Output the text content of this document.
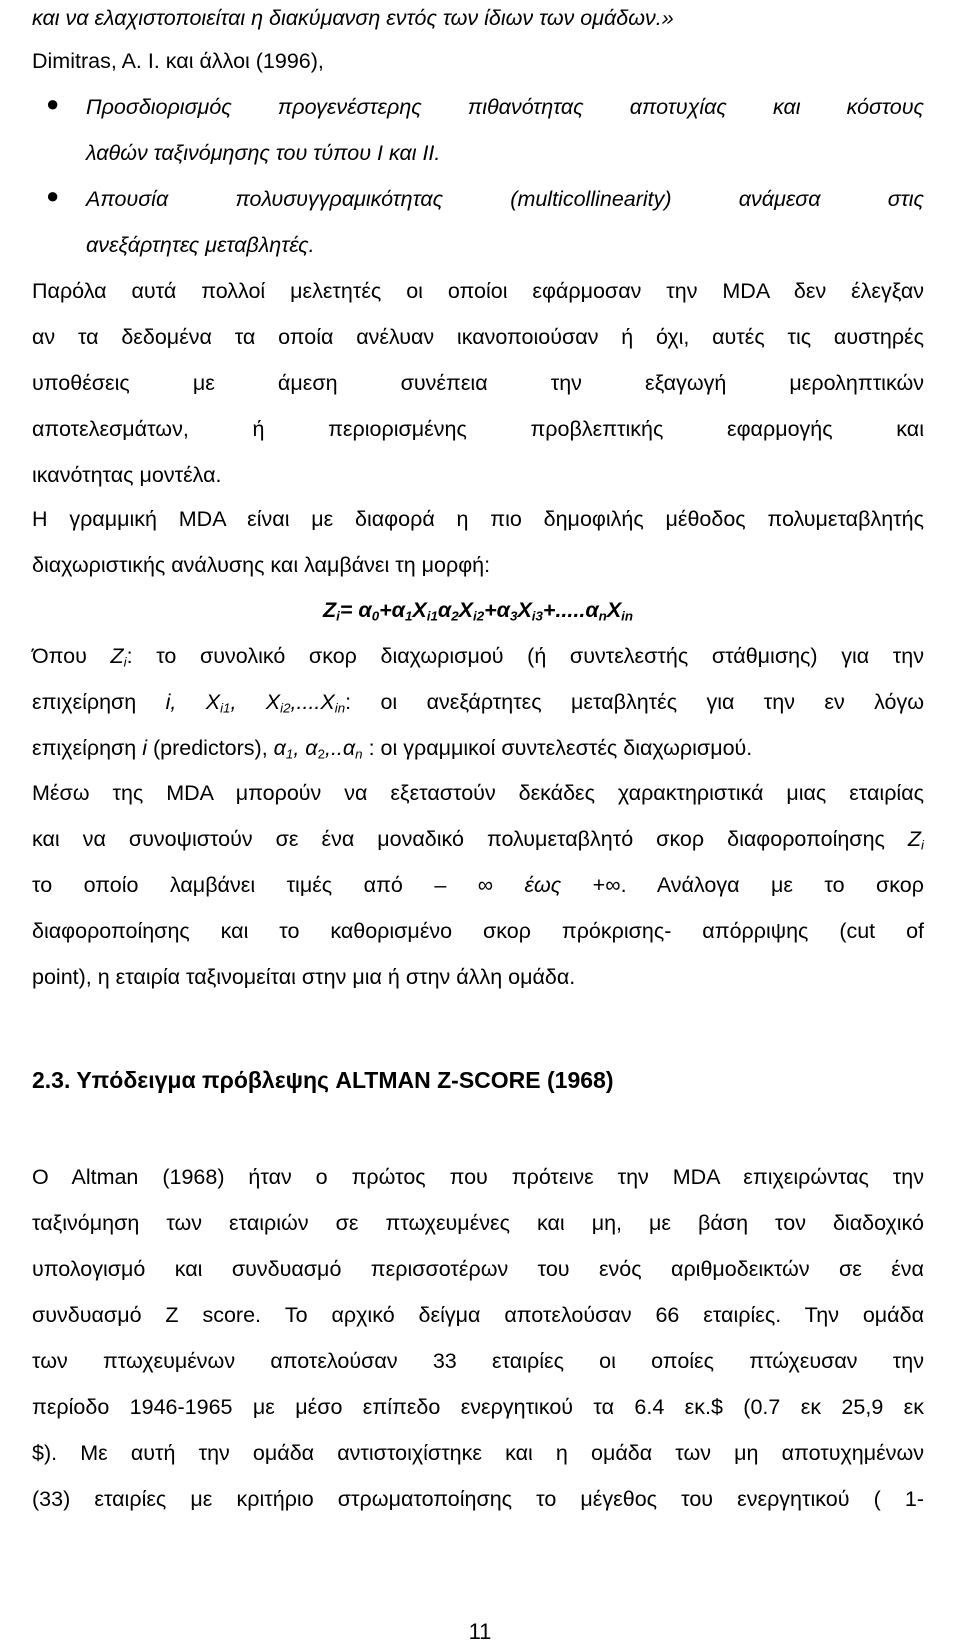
και να ελαχιστοποιείται η διακύμανση εντός των ίδιων των ομάδων.»
Dimitras, A. I. και άλλοι (1996),
● Προσδιορισμός προγενέστερης πιθανότητας αποτυχίας και κόστους
λαθών ταξινόμησης του τύπου I και II.
● Απουσία πολυσυγγραμικότητας (multicollinearity) ανάμεσα στις
ανεξάρτητες μεταβλητές.
Παρόλα αυτά πολλοί μελετητές οι οποίοι εφάρμοσαν την MDA δεν έλεγξαν
αν τα δεδομένα τα οποία ανέλυαν ικανοποιούσαν ή όχι, αυτές τις αυστηρές
υποθέσεις με άμεση συνέπεια την εξαγωγή μεροληπτικών
αποτελεσμάτων, ή περιορισμένης προβλεπτικής εφαρμογής και
ικανότητας μοντέλα.
Η γραμμική MDA είναι με διαφορά η πιο δημοφιλής μέθοδος πολυμεταβλητής
διαχωριστικής ανάλυσης και λαμβάνει τη μορφή:
$Z_i= \alpha_0+\alpha_1X_{i1}\alpha_2X_{i2}+\alpha_3X_{i3}+.....\alpha_nX_{in}$
Όπου $Z_i$: το συνολικό σκορ διαχωρισμού (ή συντελεστής στάθμισης) για την
επιχείρηση i, $X_{i1}$, $X_{i2},....X_{in}$: οι ανεξάρτητες μεταβλητές για την εν λόγω
επιχείρηση i (predictors), $\alpha_1$, $\alpha_2,..\alpha_n$ : οι γραμμικοί συντελεστές διαχωρισμού.
Μέσω της MDA μπορούν να εξεταστούν δεκάδες χαρακτηριστικά μιας εταιρίας
και να συνοψιστούν σε ένα μοναδικό πολυμεταβλητό σκορ διαφοροποίησης $Z_i$
το οποίο λαμβάνει τιμές από – ∞ έως +∞. Ανάλογα με το σκορ
διαφοροποίησης και το καθορισμένο σκορ πρόκρισης- απόρριψης (cut of
point), η εταιρία ταξινομείται στην μια ή στην άλλη ομάδα.
2.3. Υπόδειγμα πρόβλεψης ALTMAN Z-SCORE (1968)
O Altman (1968) ήταν ο πρώτος που πρότεινε την MDA επιχειρώντας την
ταξινόμηση των εταιριών σε πτωχευμένες και μη, με βάση τον διαδοχικό
υπολογισμό και συνδυασμό περισσοτέρων του ενός αριθμοδεικτών σε ένα
συνδυασμό Z score. Το αρχικό δείγμα αποτελούσαν 66 εταιρίες. Την ομάδα
των πτωχευμένων αποτελούσαν 33 εταιρίες οι οποίες πτώχευσαν την
περίοδο 1946-1965 με μέσο επίπεδο ενεργητικού τα 6.4 εκ.$ (0.7 εκ 25,9 εκ
$). Με αυτή την ομάδα αντιστοιχίστηκε και η ομάδα των μη αποτυχημένων
(33) εταιρίες με κριτήριο στρωματοποίησης το μέγεθος του ενεργητικού ( 1-
11
